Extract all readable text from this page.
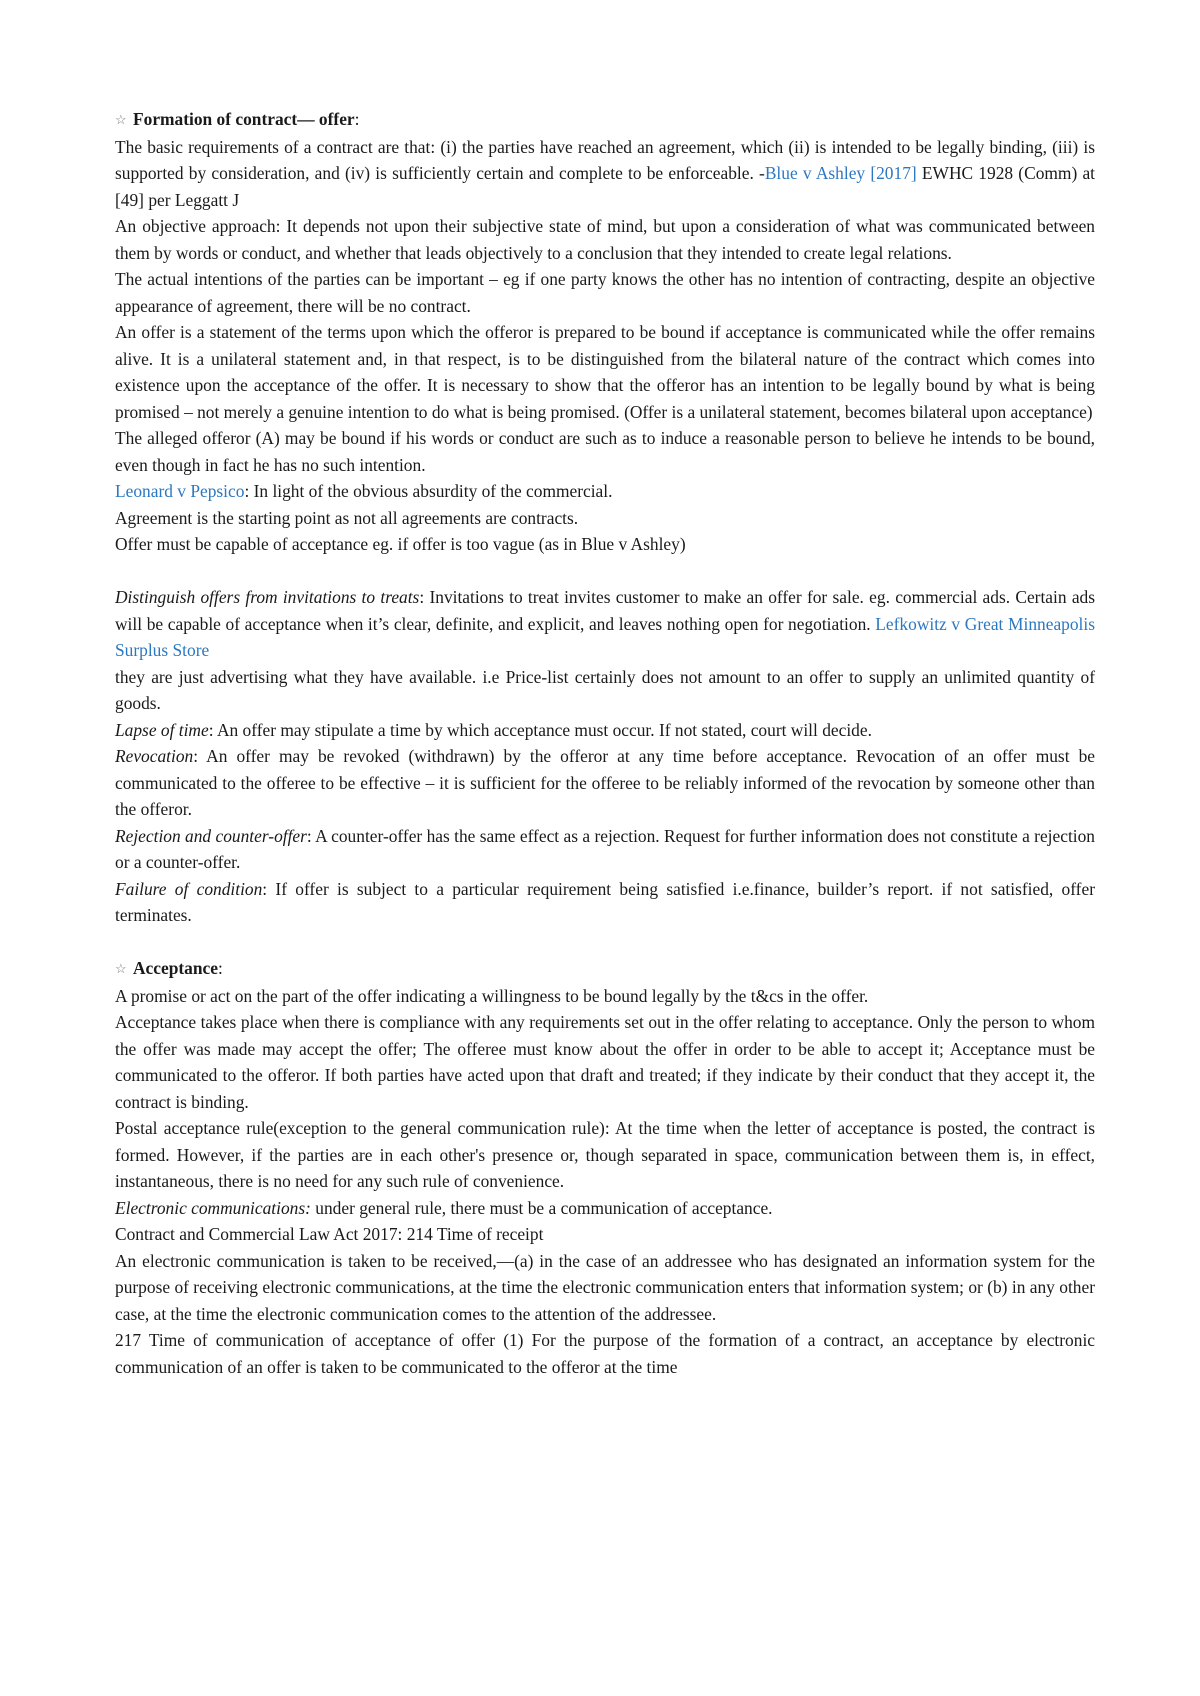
☆ Formation of contract— offer:

The basic requirements of a contract are that: (i) the parties have reached an agreement, which (ii) is intended to be legally binding, (iii) is supported by consideration, and (iv) is sufficiently certain and complete to be enforceable. -Blue v Ashley [2017] EWHC 1928 (Comm) at [49] per Leggatt J

An objective approach: It depends not upon their subjective state of mind, but upon a consideration of what was communicated between them by words or conduct, and whether that leads objectively to a conclusion that they intended to create legal relations.

The actual intentions of the parties can be important – eg if one party knows the other has no intention of contracting, despite an objective appearance of agreement, there will be no contract.

An offer is a statement of the terms upon which the offeror is prepared to be bound if acceptance is communicated while the offer remains alive. It is a unilateral statement and, in that respect, is to be distinguished from the bilateral nature of the contract which comes into existence upon the acceptance of the offer. It is necessary to show that the offeror has an intention to be legally bound by what is being promised – not merely a genuine intention to do what is being promised. (Offer is a unilateral statement, becomes bilateral upon acceptance)

The alleged offeror (A) may be bound if his words or conduct are such as to induce a reasonable person to believe he intends to be bound, even though in fact he has no such intention.

Leonard v Pepsico: In light of the obvious absurdity of the commercial.

Agreement is the starting point as not all agreements are contracts.

Offer must be capable of acceptance eg. if offer is too vague (as in Blue v Ashley)

Distinguish offers from invitations to treats: Invitations to treat invites customer to make an offer for sale. eg. commercial ads. Certain ads will be capable of acceptance when it’s clear, definite, and explicit, and leaves nothing open for negotiation. Lefkowitz v Great Minneapolis Surplus Store

they are just advertising what they have available. i.e Price-list certainly does not amount to an offer to supply an unlimited quantity of goods.

Lapse of time: An offer may stipulate a time by which acceptance must occur. If not stated, court will decide.

Revocation: An offer may be revoked (withdrawn) by the offeror at any time before acceptance. Revocation of an offer must be communicated to the offeree to be effective – it is sufficient for the offeree to be reliably informed of the revocation by someone other than the offeror.

Rejection and counter-offer: A counter-offer has the same effect as a rejection. Request for further information does not constitute a rejection or a counter-offer.

Failure of condition: If offer is subject to a particular requirement being satisfied i.e.finance, builder’s report. if not satisfied, offer terminates.

☆ Acceptance:

A promise or act on the part of the offer indicating a willingness to be bound legally by the t&cs in the offer.

Acceptance takes place when there is compliance with any requirements set out in the offer relating to acceptance. Only the person to whom the offer was made may accept the offer; The offeree must know about the offer in order to be able to accept it; Acceptance must be communicated to the offeror. If both parties have acted upon that draft and treated; if they indicate by their conduct that they accept it, the contract is binding.

Postal acceptance rule(exception to the general communication rule): At the time when the letter of acceptance is posted, the contract is formed. However, if the parties are in each other's presence or, though separated in space, communication between them is, in effect, instantaneous, there is no need for any such rule of convenience.

Electronic communications: under general rule, there must be a communication of acceptance.

Contract and Commercial Law Act 2017: 214 Time of receipt

An electronic communication is taken to be received,—(a) in the case of an addressee who has designated an information system for the purpose of receiving electronic communications, at the time the electronic communication enters that information system; or (b) in any other case, at the time the electronic communication comes to the attention of the addressee.

217 Time of communication of acceptance of offer (1) For the purpose of the formation of a contract, an acceptance by electronic communication of an offer is taken to be communicated to the offeror at the time
